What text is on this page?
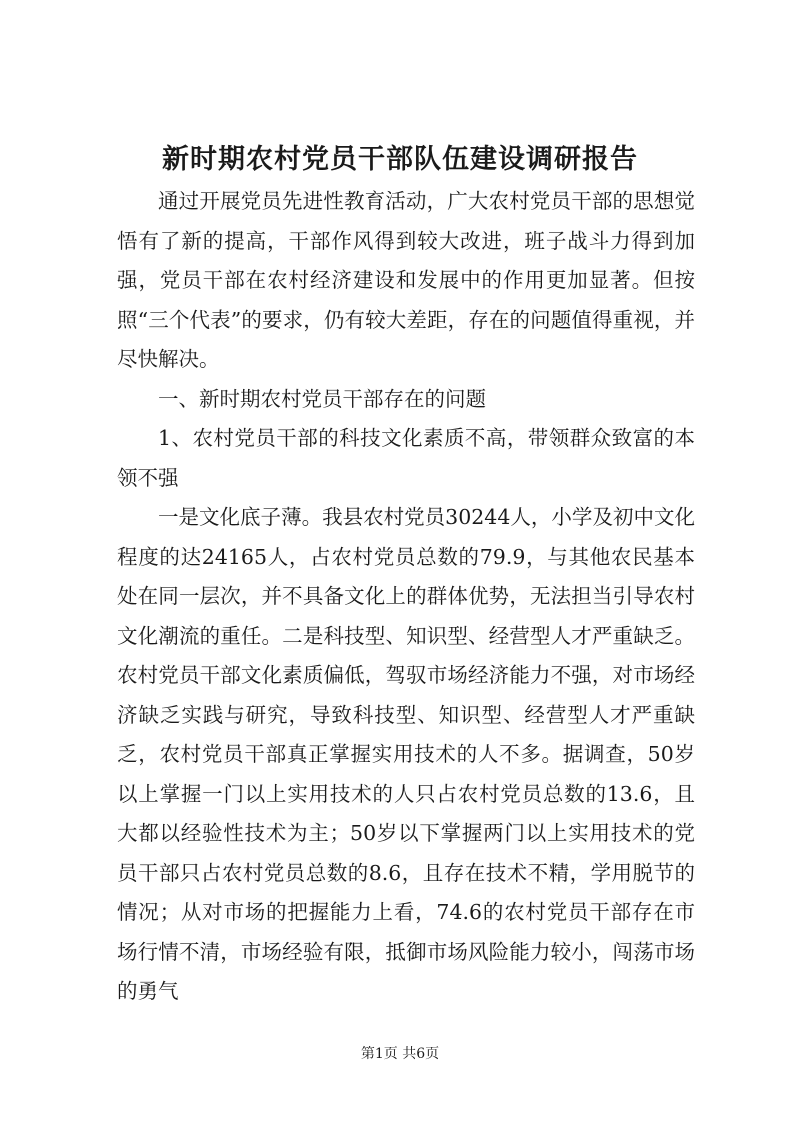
新时期农村党员干部队伍建设调研报告

通过开展党员先进性教育活动，广大农村党员干部的思想觉悟有了新的提高，干部作风得到较大改进，班子战斗力得到加强，党员干部在农村经济建设和发展中的作用更加显著。但按照“三个代表”的要求，仍有较大差距，存在的问题值得重视，并尽快解决。

一、新时期农村党员干部存在的问题

1、农村党员干部的科技文化素质不高，带领群众致富的本领不强

一是文化底子薄。我县农村党员30244人，小学及初中文化程度的达24165人，占农村党员总数的79.9，与其他农民基本处在同一层次，并不具备文化上的群体优势，无法担当引导农村文化潮流的重任。二是科技型、知识型、经营型人才严重缺乏。农村党员干部文化素质偏低，驾驭市场经济能力不强，对市场经济缺乏实践与研究，导致科技型、知识型、经营型人才严重缺乏，农村党员干部真正掌握实用技术的人不多。据调查，50岁以上掌握一门以上实用技术的人只占农村党员总数的13.6，且大都以经验性技术为主；50岁以下掌握两门以上实用技术的党员干部只占农村党员总数的8.6，且存在技术不精，学用脱节的情况；从对市场的把握能力上看，74.6的农村党员干部存在市场行情不清，市场经验有限，抵御市场风险能力较小，闯荡市场的勇气

第1页 共6页
